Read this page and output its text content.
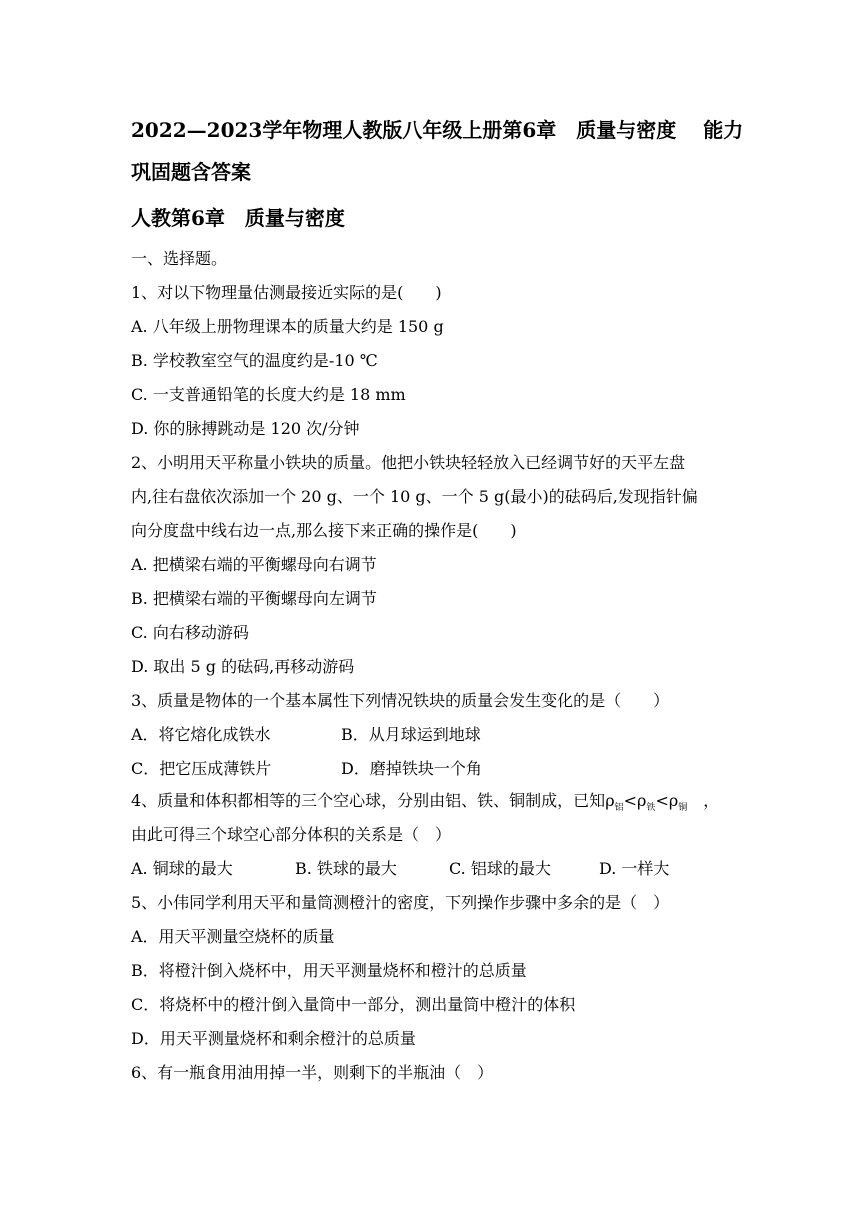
2022—2023学年物理人教版八年级上册第6章　质量与密度　 能力
巩固题含答案
人教第6章　质量与密度
一、选择题。
1、对以下物理量估测最接近实际的是(　　)
A. 八年级上册物理课本的质量大约是 150 g
B. 学校教室空气的温度约是-10 ℃
C. 一支普通铅笔的长度大约是 18 mm
D. 你的脉搏跳动是 120 次/分钟
2、小明用天平称量小铁块的质量。他把小铁块轻轻放入已经调节好的天平左盘
内,往右盘依次添加一个 20 g、一个 10 g、一个 5 g(最小)的砝码后,发现指针偏
向分度盘中线右边一点,那么接下来正确的操作是(　　)
A. 把横梁右端的平衡螺母向右调节
B. 把横梁右端的平衡螺母向左调节
C. 向右移动游码
D. 取出 5 g 的砝码,再移动游码
3、质量是物体的一个基本属性下列情况铁块的质量会发生变化的是（　　）
A．将它熔化成铁水	B．从月球运到地球
C．把它压成薄铁片	D．磨掉铁块一个角
4、质量和体积都相等的三个空心球，分别由铝、铁、铜制成，已知$\rho_铝<\rho_铁<\rho_铜$　，
由此可得三个球空心部分体积的关系是（　）
A. 铜球的最大	B. 铁球的最大	C. 铝球的最大	D. 一样大
5、小伟同学利用天平和量筒测橙汁的密度，下列操作步骤中多余的是（　）
A．用天平测量空烧杯的质量
B．将橙汁倒入烧杯中，用天平测量烧杯和橙汁的总质量
C．将烧杯中的橙汁倒入量筒中一部分，测出量筒中橙汁的体积
D．用天平测量烧杯和剩余橙汁的总质量
6、有一瓶食用油用掉一半，则剩下的半瓶油（　）
